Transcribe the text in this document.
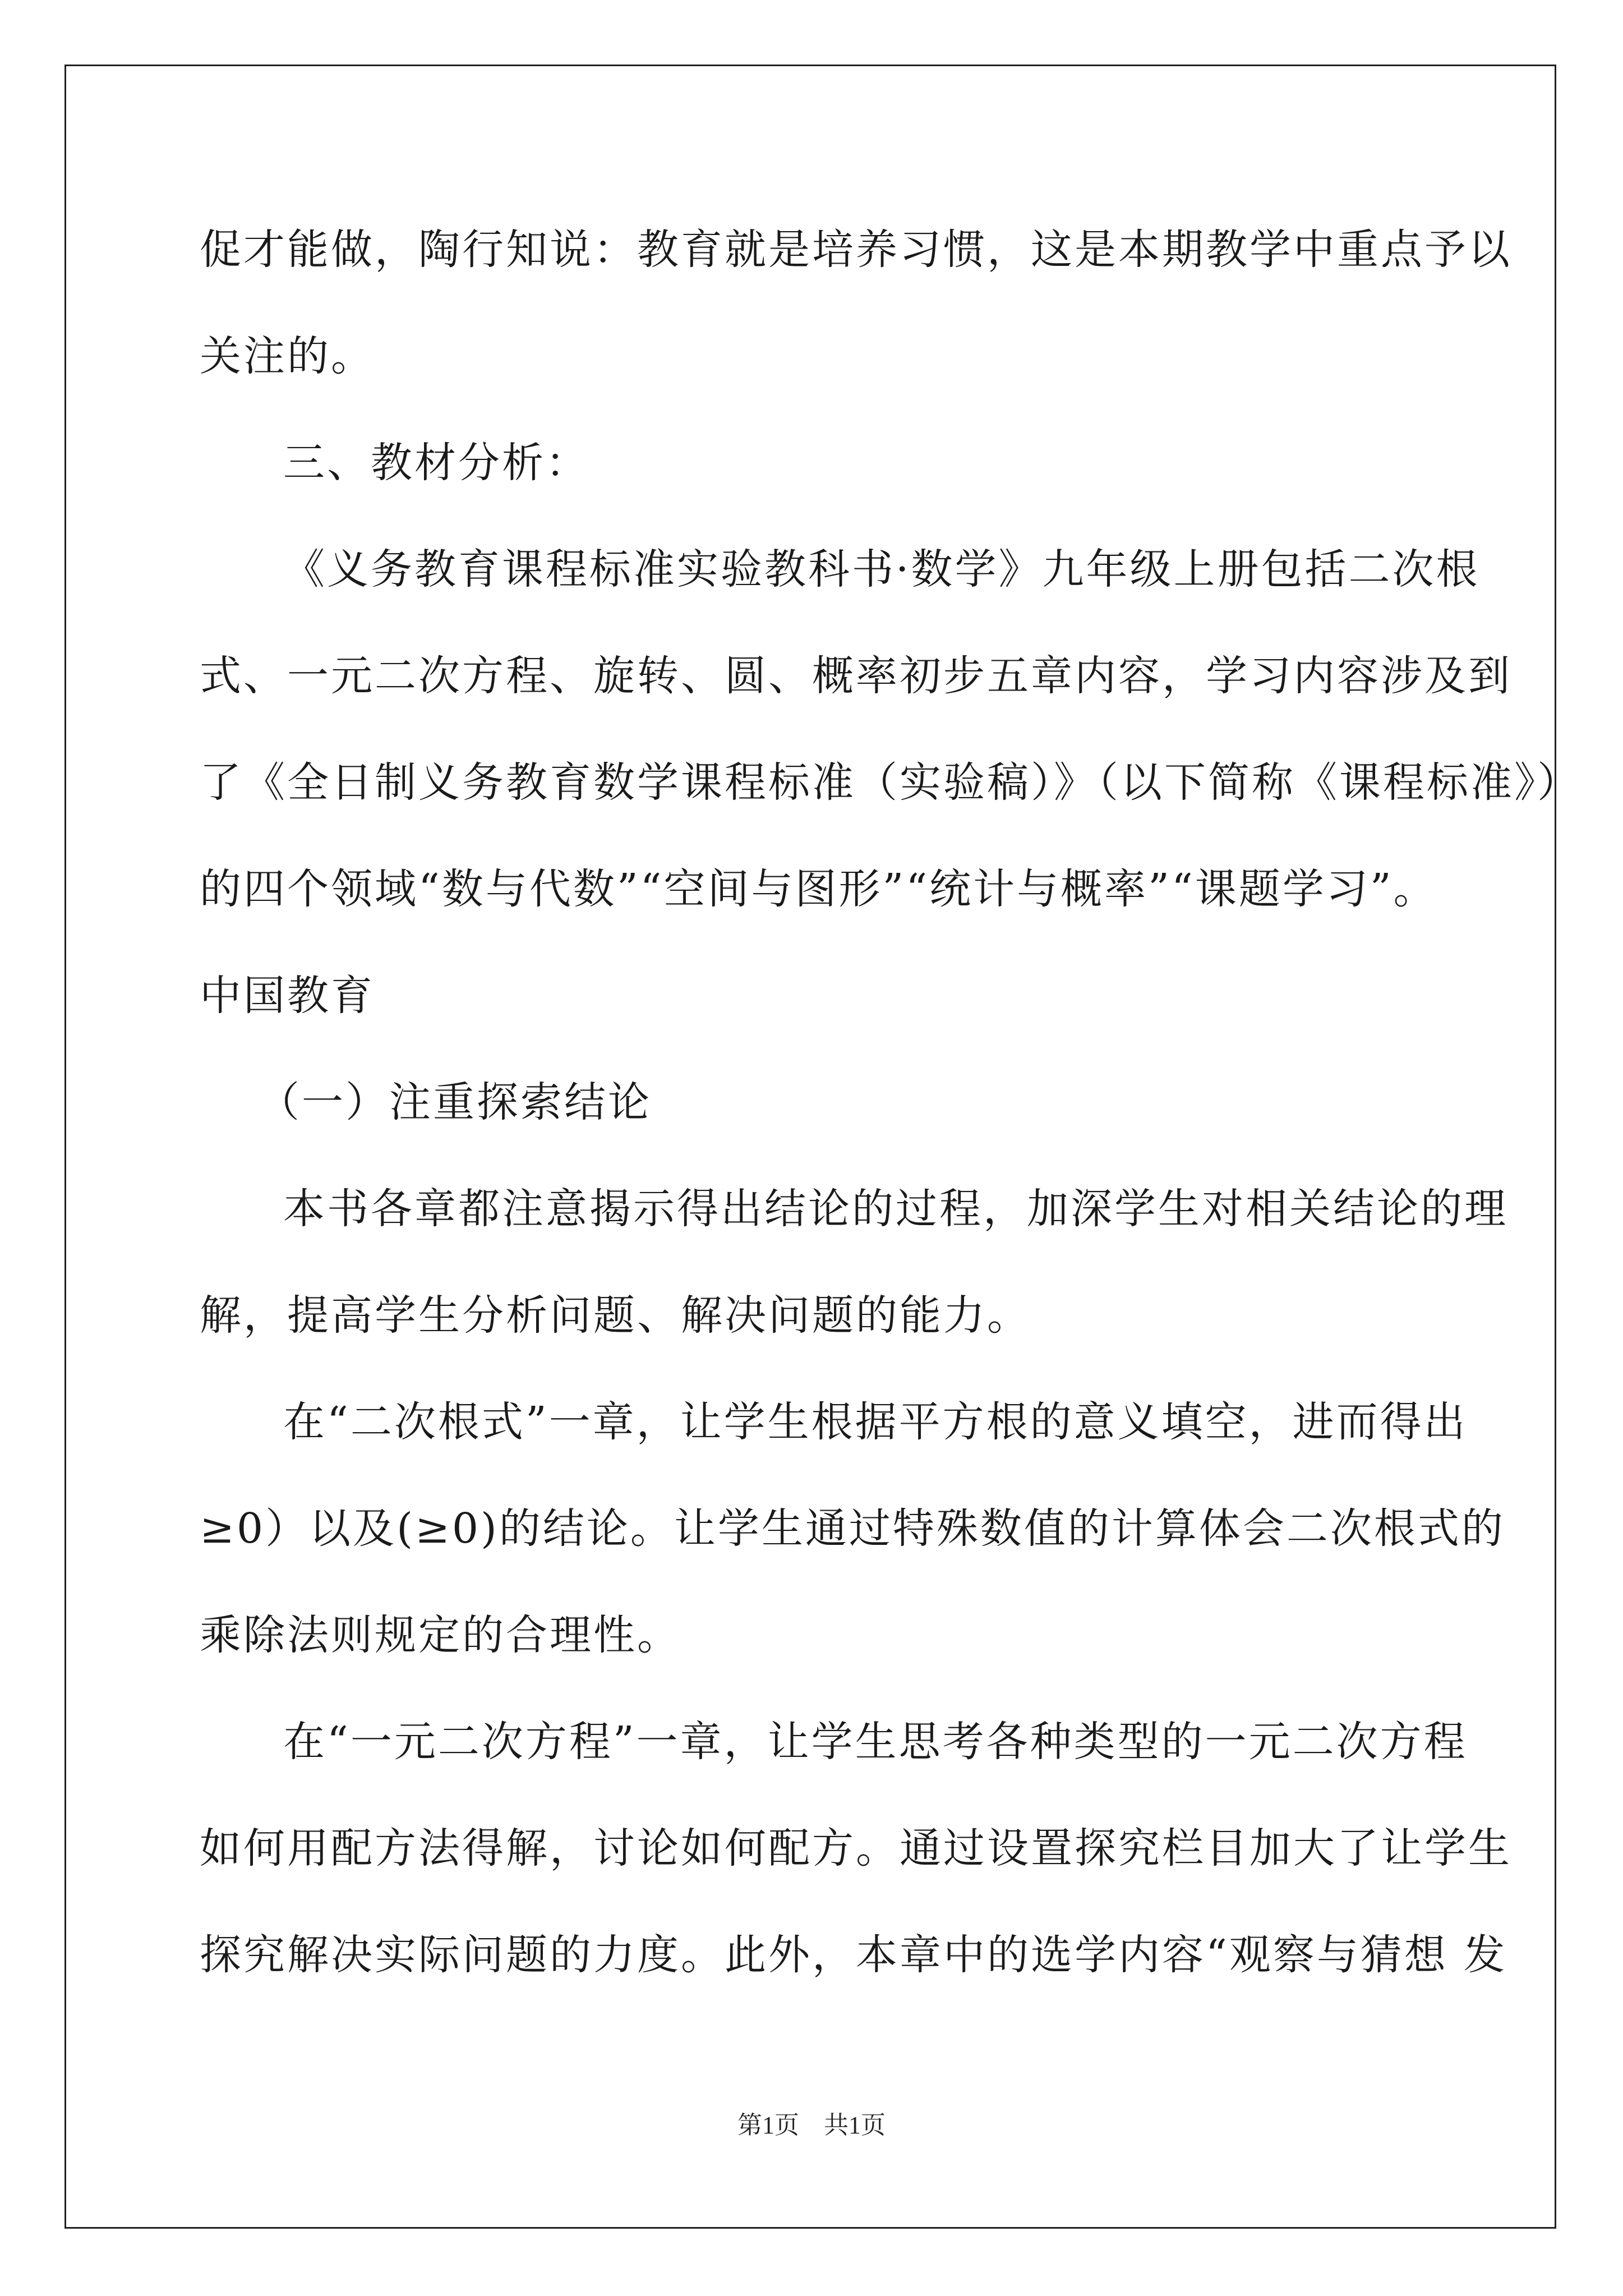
促才能做，陶行知说：教育就是培养习惯，这是本期教学中重点予以
关注的。
三、教材分析：
《义务教育课程标准实验教科书·数学》九年级上册包括二次根
式、一元二次方程、旋转、圆、概率初步五章内容，学习内容涉及到
了《全日制义务教育数学课程标准（实验稿）》（以下简称《课程标准》）
的四个领域“数与代数”“空间与图形”“统计与概率”“课题学习”。
中国教育
（一）注重探索结论
本书各章都注意揭示得出结论的过程，加深学生对相关结论的理
解，提高学生分析问题、解决问题的能力。
在“二次根式”一章，让学生根据平方根的意义填空，进而得出
≥0）以及(≥0)的结论。让学生通过特殊数值的计算体会二次根式的
乘除法则规定的合理性。
在“一元二次方程”一章，让学生思考各种类型的一元二次方程
如何用配方法得解，讨论如何配方。通过设置探究栏目加大了让学生
探究解决实际问题的力度。此外，本章中的选学内容“观察与猜想 发
第1页 共1页
